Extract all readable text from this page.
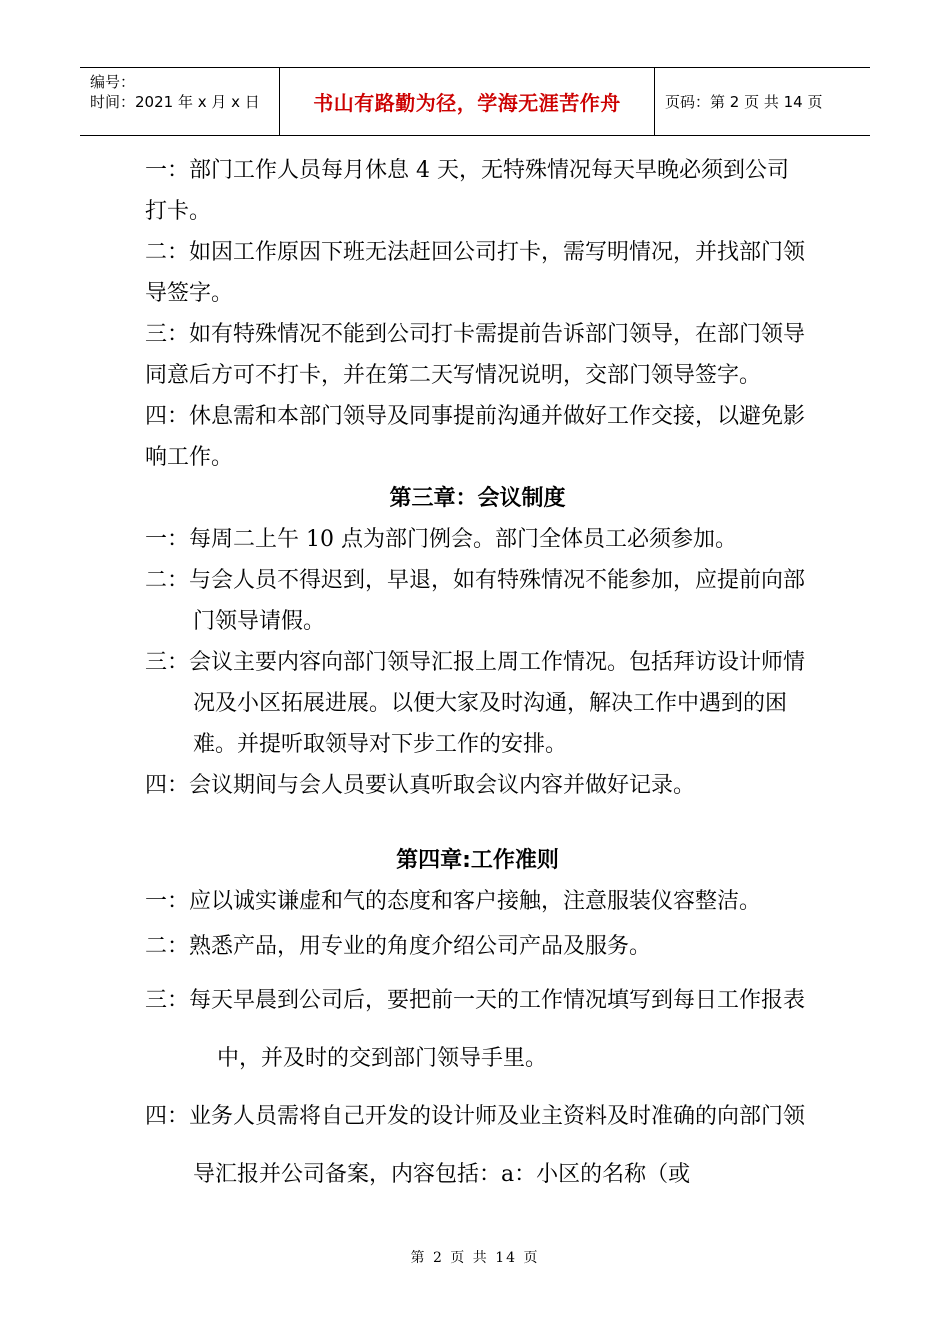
编号：
时间：2021 年 x 月 x 日	书山有路勤为径，学海无涯苦作舟	页码：第 2 页 共 14 页

一：部门工作人员每月休息 4 天，无特殊情况每天早晚必须到公司打卡。

二：如因工作原因下班无法赶回公司打卡，需写明情况，并找部门领导签字。

三：如有特殊情况不能到公司打卡需提前告诉部门领导，在部门领导同意后方可不打卡，并在第二天写情况说明，交部门领导签字。

四：休息需和本部门领导及同事提前沟通并做好工作交接，以避免影响工作。

第三章：会议制度

一：每周二上午 10 点为部门例会。部门全体员工必须参加。

二：与会人员不得迟到，早退，如有特殊情况不能参加，应提前向部门领导请假。

三：会议主要内容向部门领导汇报上周工作情况。包括拜访设计师情况及小区拓展进展。以便大家及时沟通，解决工作中遇到的困难。并提听取领导对下步工作的安排。

四：会议期间与会人员要认真听取会议内容并做好记录。

第四章:工作准则

一：应以诚实谦虚和气的态度和客户接触，注意服装仪容整洁。

二：熟悉产品，用专业的角度介绍公司产品及服务。

三：每天早晨到公司后，要把前一天的工作情况填写到每日工作报表中，并及时的交到部门领导手里。

四：业务人员需将自己开发的设计师及业主资料及时准确的向部门领导汇报并公司备案，内容包括：a：小区的名称（或

第 2 页 共 14 页
